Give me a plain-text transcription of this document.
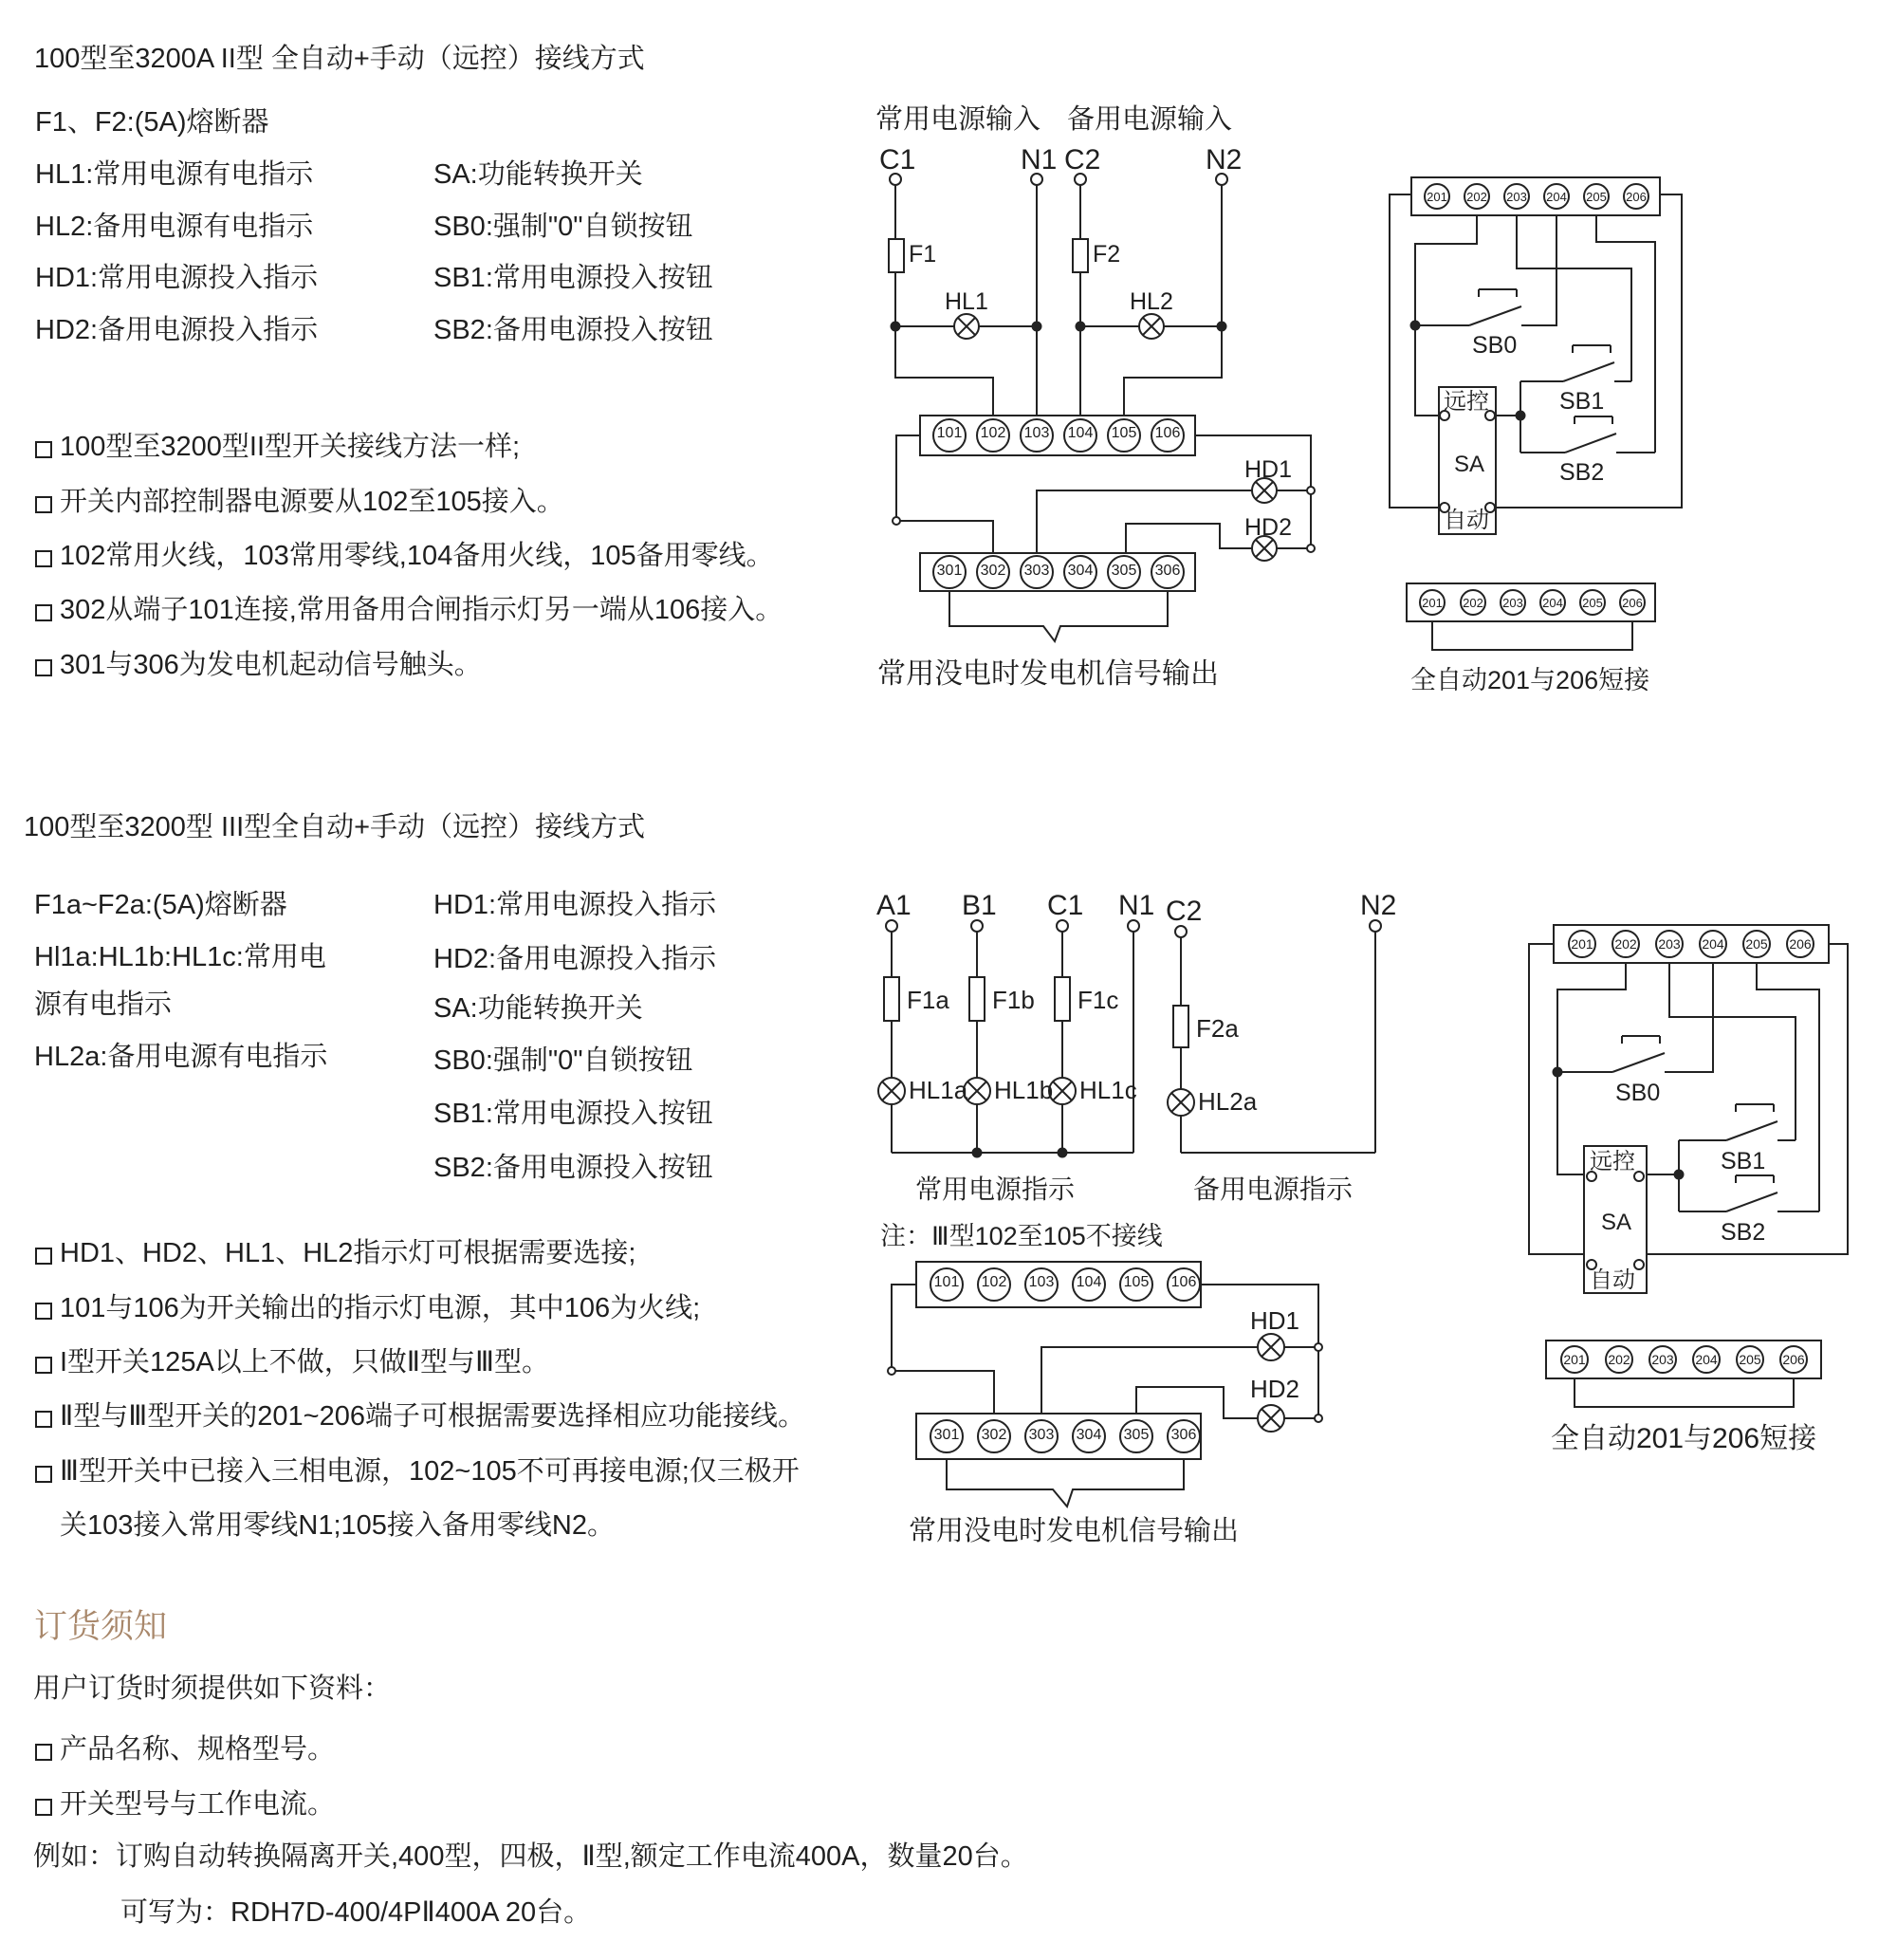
100型至3200A II型 全自动+手动（远控）接线方式
F1、F2:(5A)熔断器
HL1:常用电源有电指示
HL2:备用电源有电指示
HD1:常用电源投入指示
HD2:备用电源投入指示
SA:功能转换开关
SB0:强制"0"自锁按钮
SB1:常用电源投入按钮
SB2:备用电源投入按钮
100型至3200型II型开关接线方法一样;
开关内部控制器电源要从102至105接入。
102常用火线，103常用零线,104备用火线，105备用零线。
302从端子101连接,常用备用合闸指示灯另一端从106接入。
301与306为发电机起动信号触头。
常用电源输入 备用电源输入
C1	N1 C2	N2
F1	F2
HL1	HL2
HD1
HD2
常用没电时发电机信号输出
101	102	103	104	105	106
301	302	303	304	305	306
201	202	203	204	205	206
SB0
SB1
SB2
远控
SA
自动
201	202	203	204	205	206
全自动201与206短接
100型至3200型 III型全自动+手动（远控）接线方式
F1a~F2a:(5A)熔断器
Hl1a:HL1b:HL1c:常用电
源有电指示
HL2a:备用电源有电指示
HD1:常用电源投入指示
HD2:备用电源投入指示
SA:功能转换开关
SB0:强制"0"自锁按钮
SB1:常用电源投入按钮
SB2:备用电源投入按钮
HD1、HD2、HL1、HL2指示灯可根据需要选接;
101与106为开关输出的指示灯电源，其中106为火线;
I型开关125A以上不做，只做Ⅱ型与Ⅲ型。
Ⅱ型与Ⅲ型开关的201~206端子可根据需要选择相应功能接线。
Ⅲ型开关中已接入三相电源，102~105不可再接电源;仅三极开
关103接入常用零线N1;105接入备用零线N2。
A1 B1 C1 N1 C2	N2
F1a F1b F1c
F2a
HL1a HL1b HL1c HL2a
常用电源指示	备用电源指示
注：Ⅲ型102至105不接线
HD1
HD2
常用没电时发电机信号输出
101	102	103	104	105	106
301	302	303	304	305	306
201	202	203	204	205	206
SB0
SB1
SB2
远控
SA
自动
201	202	203	204	205	206
全自动201与206短接
订货须知
用户订货时须提供如下资料：
产品名称、规格型号。
开关型号与工作电流。
例如：订购自动转换隔离开关,400型，四极，Ⅱ型,额定工作电流400A，数量20台。
可写为：RDH7D-400/4PⅡ400A 20台。
